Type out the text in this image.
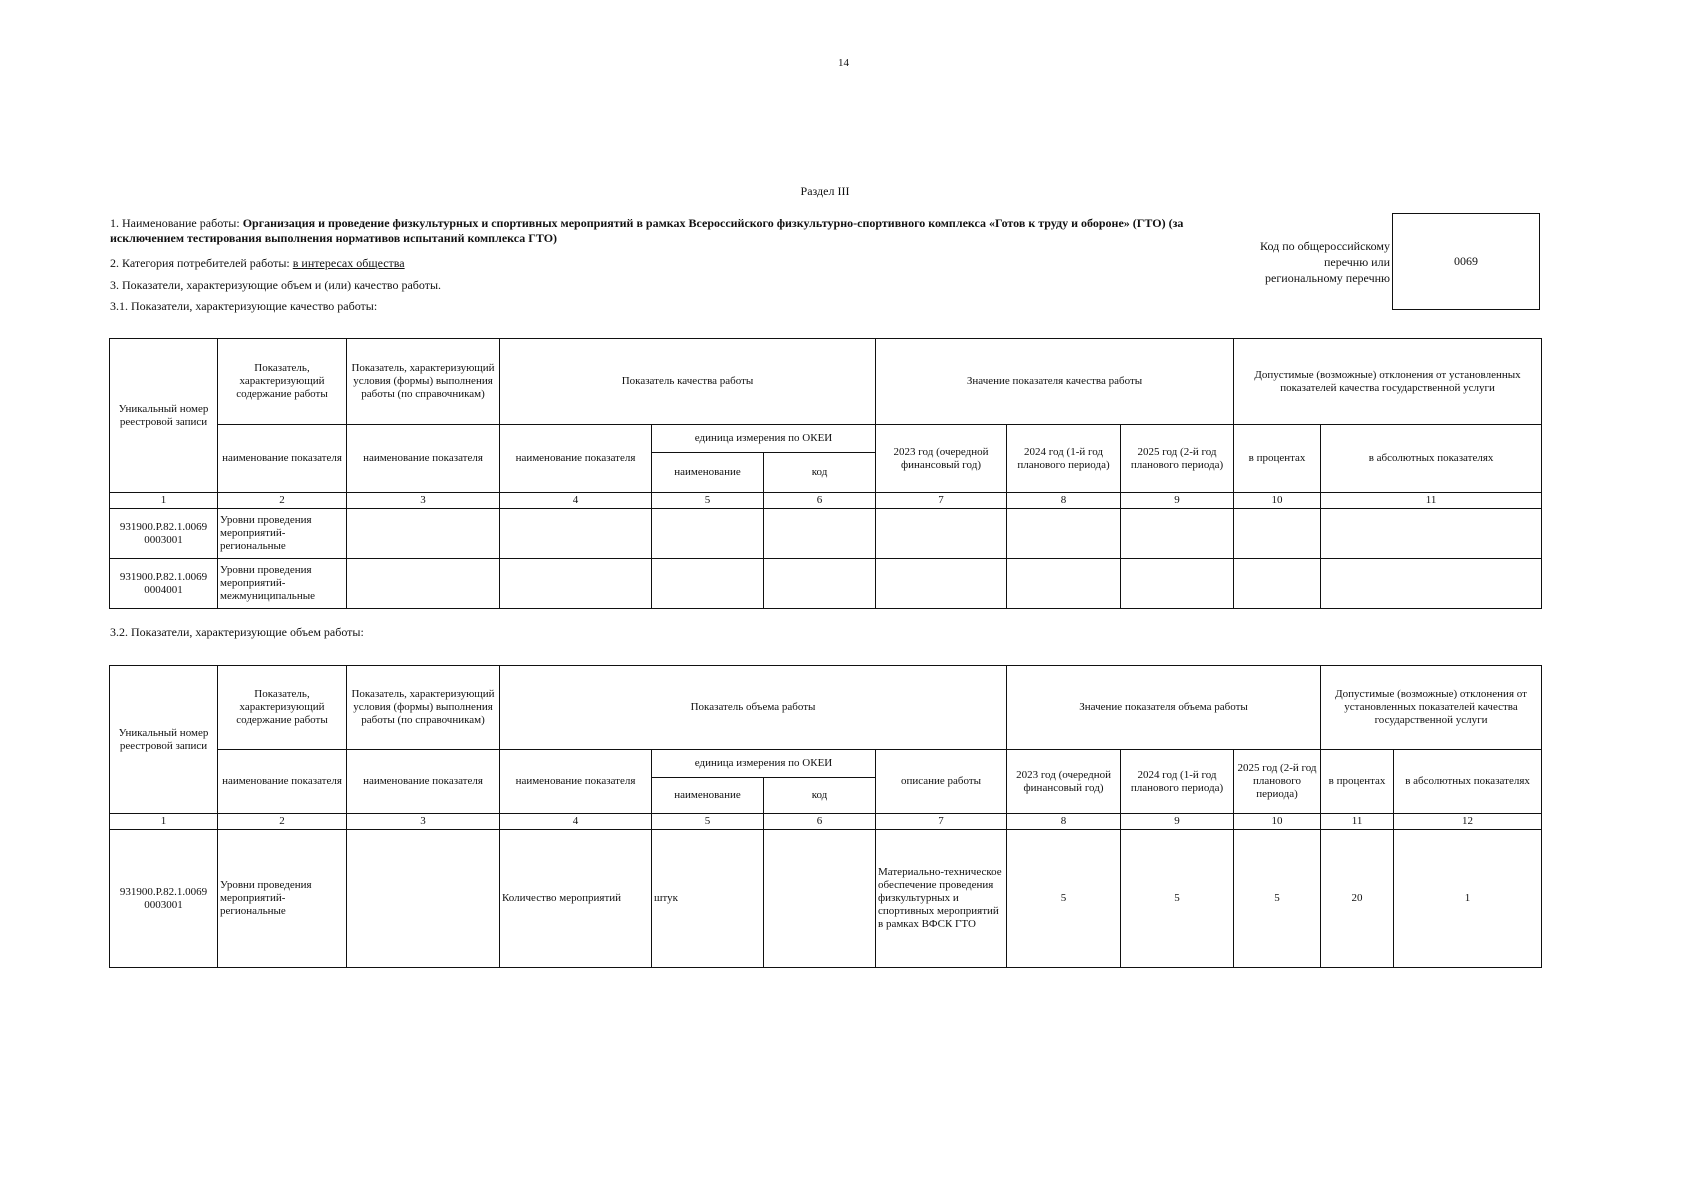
14
Раздел III
1. Наименование работы: Организация и проведение физкультурных и спортивных мероприятий в рамках Всероссийского физкультурно-спортивного комплекса «Готов к труду и обороне» (ГТО) (за исключением тестирования выполнения нормативов испытаний комплекса ГТО)
2. Категория потребителей работы: в интересах общества
3. Показатели, характеризующие объем и (или) качество работы.
3.1. Показатели, характеризующие качество работы:
Код по общероссийскому
перечню или
региональному перечню
0069
Уникальный номер реестровой записи	Показатель, характеризующий содержание работы	Показатель, характеризующий условия (формы) выполнения работы (по справочникам)	Показатель качества работы			Значение показателя качества работы			Допустимые (возможные) отклонения от установленных показателей качества государственной услуги	
	наименование показателя	наименование показателя	наименование показателя	единица измерения по ОКЕИ		2023 год (очередной финансовый год)	2024 год (1-й год планового периода)	2025 год (2-й год планового периода)	в процентах	в абсолютных показателях
				наименование	код					
1	2	3	4	5	6	7	8	9	10	11
931900.Р.82.1.0069 0003001	Уровни проведения мероприятий- региональные									
931900.Р.82.1.0069 0004001	Уровни проведения мероприятий- межмуниципальные									
3.2. Показатели, характеризующие объем работы:
Уникальный номер реестровой записи	Показатель, характеризующий содержание работы	Показатель, характеризующий условия (формы) выполнения работы (по справочникам)	Показатель объема работы				Значение показателя объема работы			Допустимые (возможные) отклонения от установленных показателей качества государственной услуги	
	наименование показателя	наименование показателя	наименование показателя	единица измерения по ОКЕИ		описание работы	2023 год (очередной финансовый год)	2024 год (1-й год планового периода)	2025 год (2-й год планового периода)	в процентах	в абсолютных показателях
				наименование	код						
1	2	3	4	5	6	7	8	9	10	11	12
931900.Р.82.1.0069 0003001	Уровни проведения мероприятий- региональные		Количество мероприятий	штук		Материально-техническое обеспечение проведения физкультурных и спортивных мероприятий в рамках ВФСК ГТО	5	5	5	20	1
